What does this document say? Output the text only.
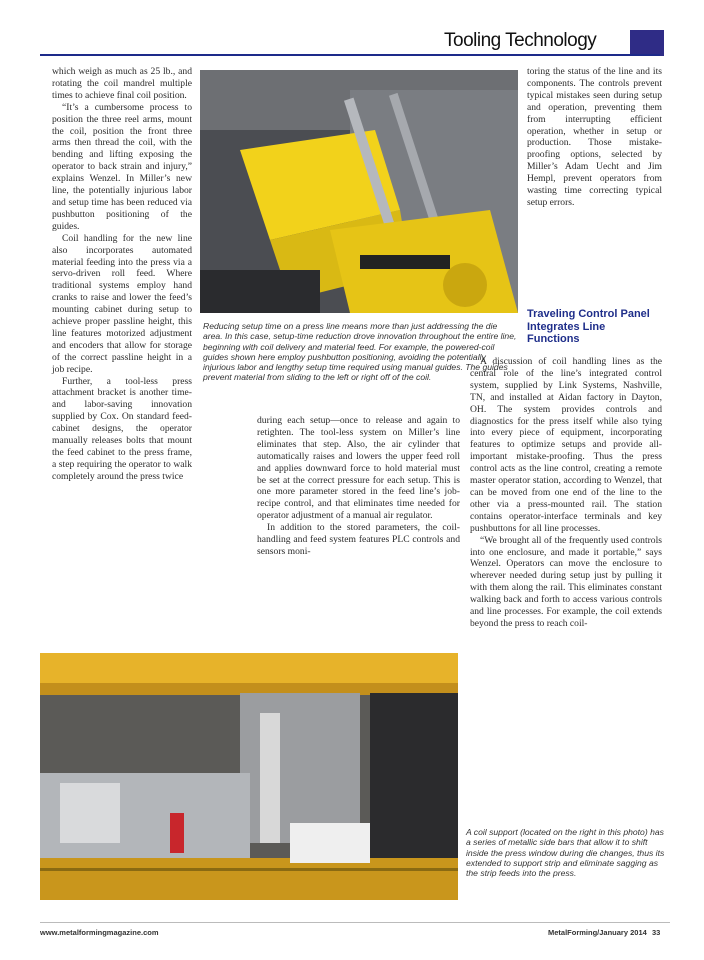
Tooling Technology

which weigh as much as 25 lb., and rotating the coil mandrel multiple times to achieve final coil position.

“It’s a cumbersome process to position the three reel arms, mount the coil, position the front three arms then thread the coil, with the bending and lifting exposing the operator to back strain and injury,” explains Wenzel. In Miller’s new line, the potentially injurious labor and setup time has been reduced via pushbutton positioning of the guides.

Coil handling for the new line also incorporates automated material feeding into the press via a servo-driven roll feed. Where traditional systems employ hand cranks to raise and lower the feed’s mounting cabinet during setup to achieve proper passline height, this line features motorized adjustment and encoders that allow for storage of the correct passline height in a job recipe.

Further, a tool-less press attachment bracket is another time- and labor-saving innovation supplied by Cox. On standard feed-cabinet designs, the operator manually releases bolts that mount the feed cabinet to the press frame, a step requiring the operator to walk completely around the press twice

Reducing setup time on a press line means more than just addressing the die area. In this case, setup-time reduction drove innovation throughout the entire line, beginning with coil delivery and material feed. For example, the powered-coil guides shown here employ pushbutton positioning, avoiding the potentially injurious labor and lengthy setup time required using manual guides. The guides prevent material from sliding to the left or right off of the coil.

during each setup—once to release and again to retighten. The tool-less system on Miller’s line eliminates that step. Also, the air cylinder that automatically raises and lowers the upper feed roll and applies downward force to hold material must be set at the correct pressure for each setup. This is one more parameter stored in the feed line’s job-recipe control, and that eliminates time needed for operator adjustment of a manual air regulator.

In addition to the stored parameters, the coil-handling and feed system features PLC controls and sensors moni-

toring the status of the line and its components. The controls prevent typical mistakes seen during setup and operation, preventing them from interrupting efficient operation, whether in setup or production. Those mistake-proofing options, selected by Miller’s Adam Uecht and Jim Hempl, prevent operators from wasting time correcting typical setup errors.

Traveling Control Panel Integrates Line Functions

A discussion of coil handling lines as the central role of the line’s integrated control system, supplied by Link Systems, Nashville, TN, and installed at Aidan factory in Dayton, OH. The system provides controls and diagnostics for the press itself while also tying into every piece of equipment, incorporating features to optimize setups and provide all-important mistake-proofing. Thus the press control acts as the line control, creating a remote master operator station, according to Wenzel, that can be moved from one end of the line to the other via a press-mounted rail. The station contains operator-interface terminals and key pushbuttons for all line processes.

“We brought all of the frequently used controls into one enclosure, and made it portable,” says Wenzel. Operators can move the enclosure to wherever needed during setup just by pulling it with them along the rail. This eliminates constant walking back and forth to access various controls and line processes. For example, the coil extends beyond the press to reach coil-

A coil support (located on the right in this photo) has a series of metallic side bars that allow it to shift inside the press window during die changes, thus its extended to support strip and eliminate sagging as the strip feeds into the press.
www.metalformingmagazine.com	MetalForming/January 2014 33
